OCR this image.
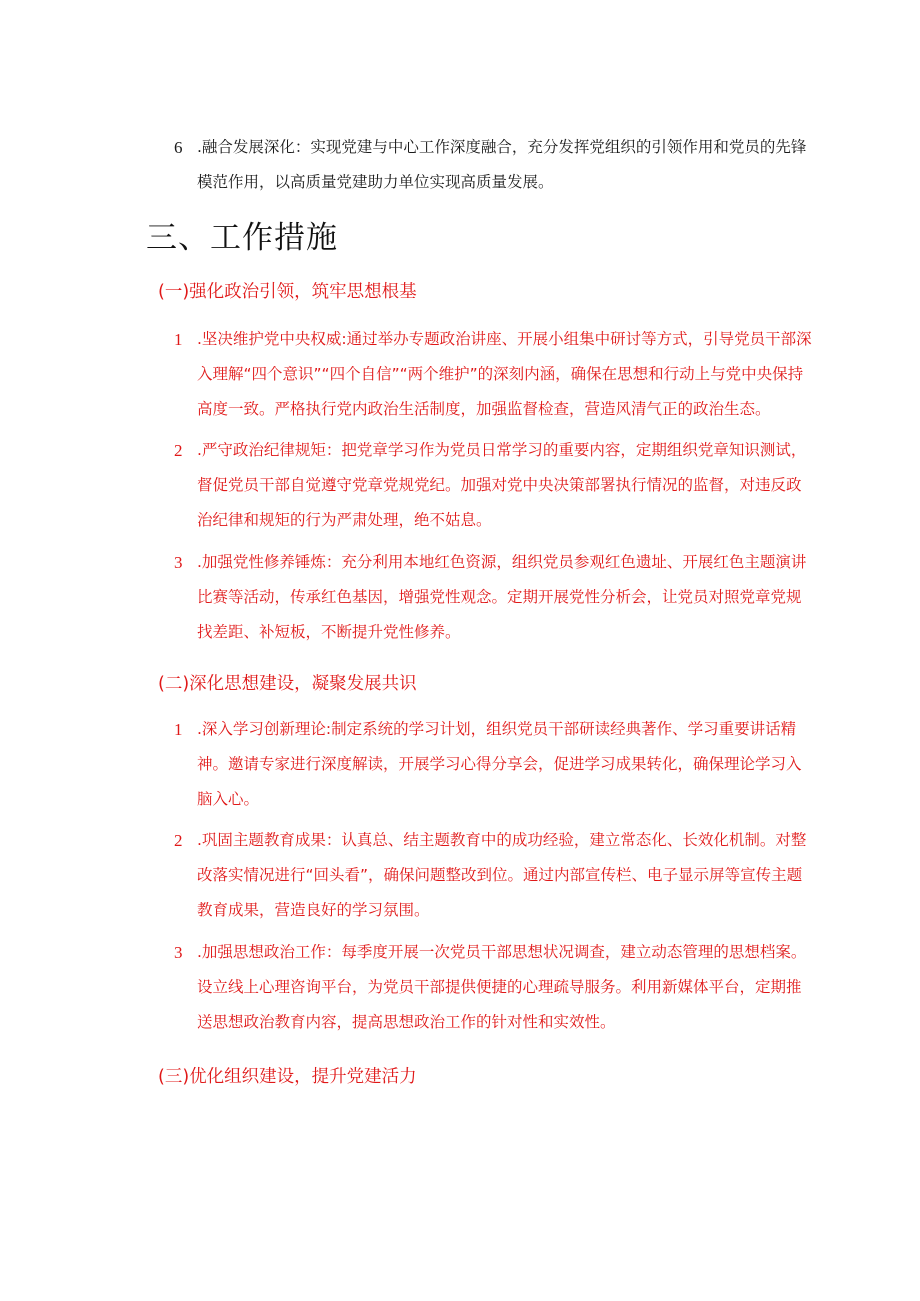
6 .融合发展深化：实现党建与中心工作深度融合，充分发挥党组织的引领作用和党员的先锋模范作用，以高质量党建助力单位实现高质量发展。
三、工作措施
(一)强化政治引领，筑牢思想根基
1 .坚决维护党中央权威:通过举办专题政治讲座、开展小组集中研讨等方式，引导党员干部深入理解“四个意识”“四个自信”“两个维护”的深刻内涵，确保在思想和行动上与党中央保持高度一致。严格执行党内政治生活制度，加强监督检查，营造风清气正的政治生态。
2 .严守政治纪律规矩：把党章学习作为党员日常学习的重要内容，定期组织党章知识测试，督促党员干部自觉遵守党章党规党纪。加强对党中央决策部署执行情况的监督，对违反政治纪律和规矩的行为严肃处理，绝不姑息。
3 .加强党性修养锤炼：充分利用本地红色资源，组织党员参观红色遗址、开展红色主题演讲比赛等活动，传承红色基因，增强党性观念。定期开展党性分析会，让党员对照党章党规找差距、补短板，不断提升党性修养。
(二)深化思想建设，凝聚发展共识
1 .深入学习创新理论:制定系统的学习计划，组织党员干部研读经典著作、学习重要讲话精神。邀请专家进行深度解读，开展学习心得分享会，促进学习成果转化，确保理论学习入脑入心。
2 .巩固主题教育成果：认真总、结主题教育中的成功经验，建立常态化、长效化机制。对整改落实情况进行“回头看”，确保问题整改到位。通过内部宣传栏、电子显示屏等宣传主题教育成果，营造良好的学习氛围。
3 .加强思想政治工作：每季度开展一次党员干部思想状况调查，建立动态管理的思想档案。设立线上心理咨询平台，为党员干部提供便捷的心理疏导服务。利用新媒体平台，定期推送思想政治教育内容，提高思想政治工作的针对性和实效性。
(三)优化组织建设，提升党建活力
